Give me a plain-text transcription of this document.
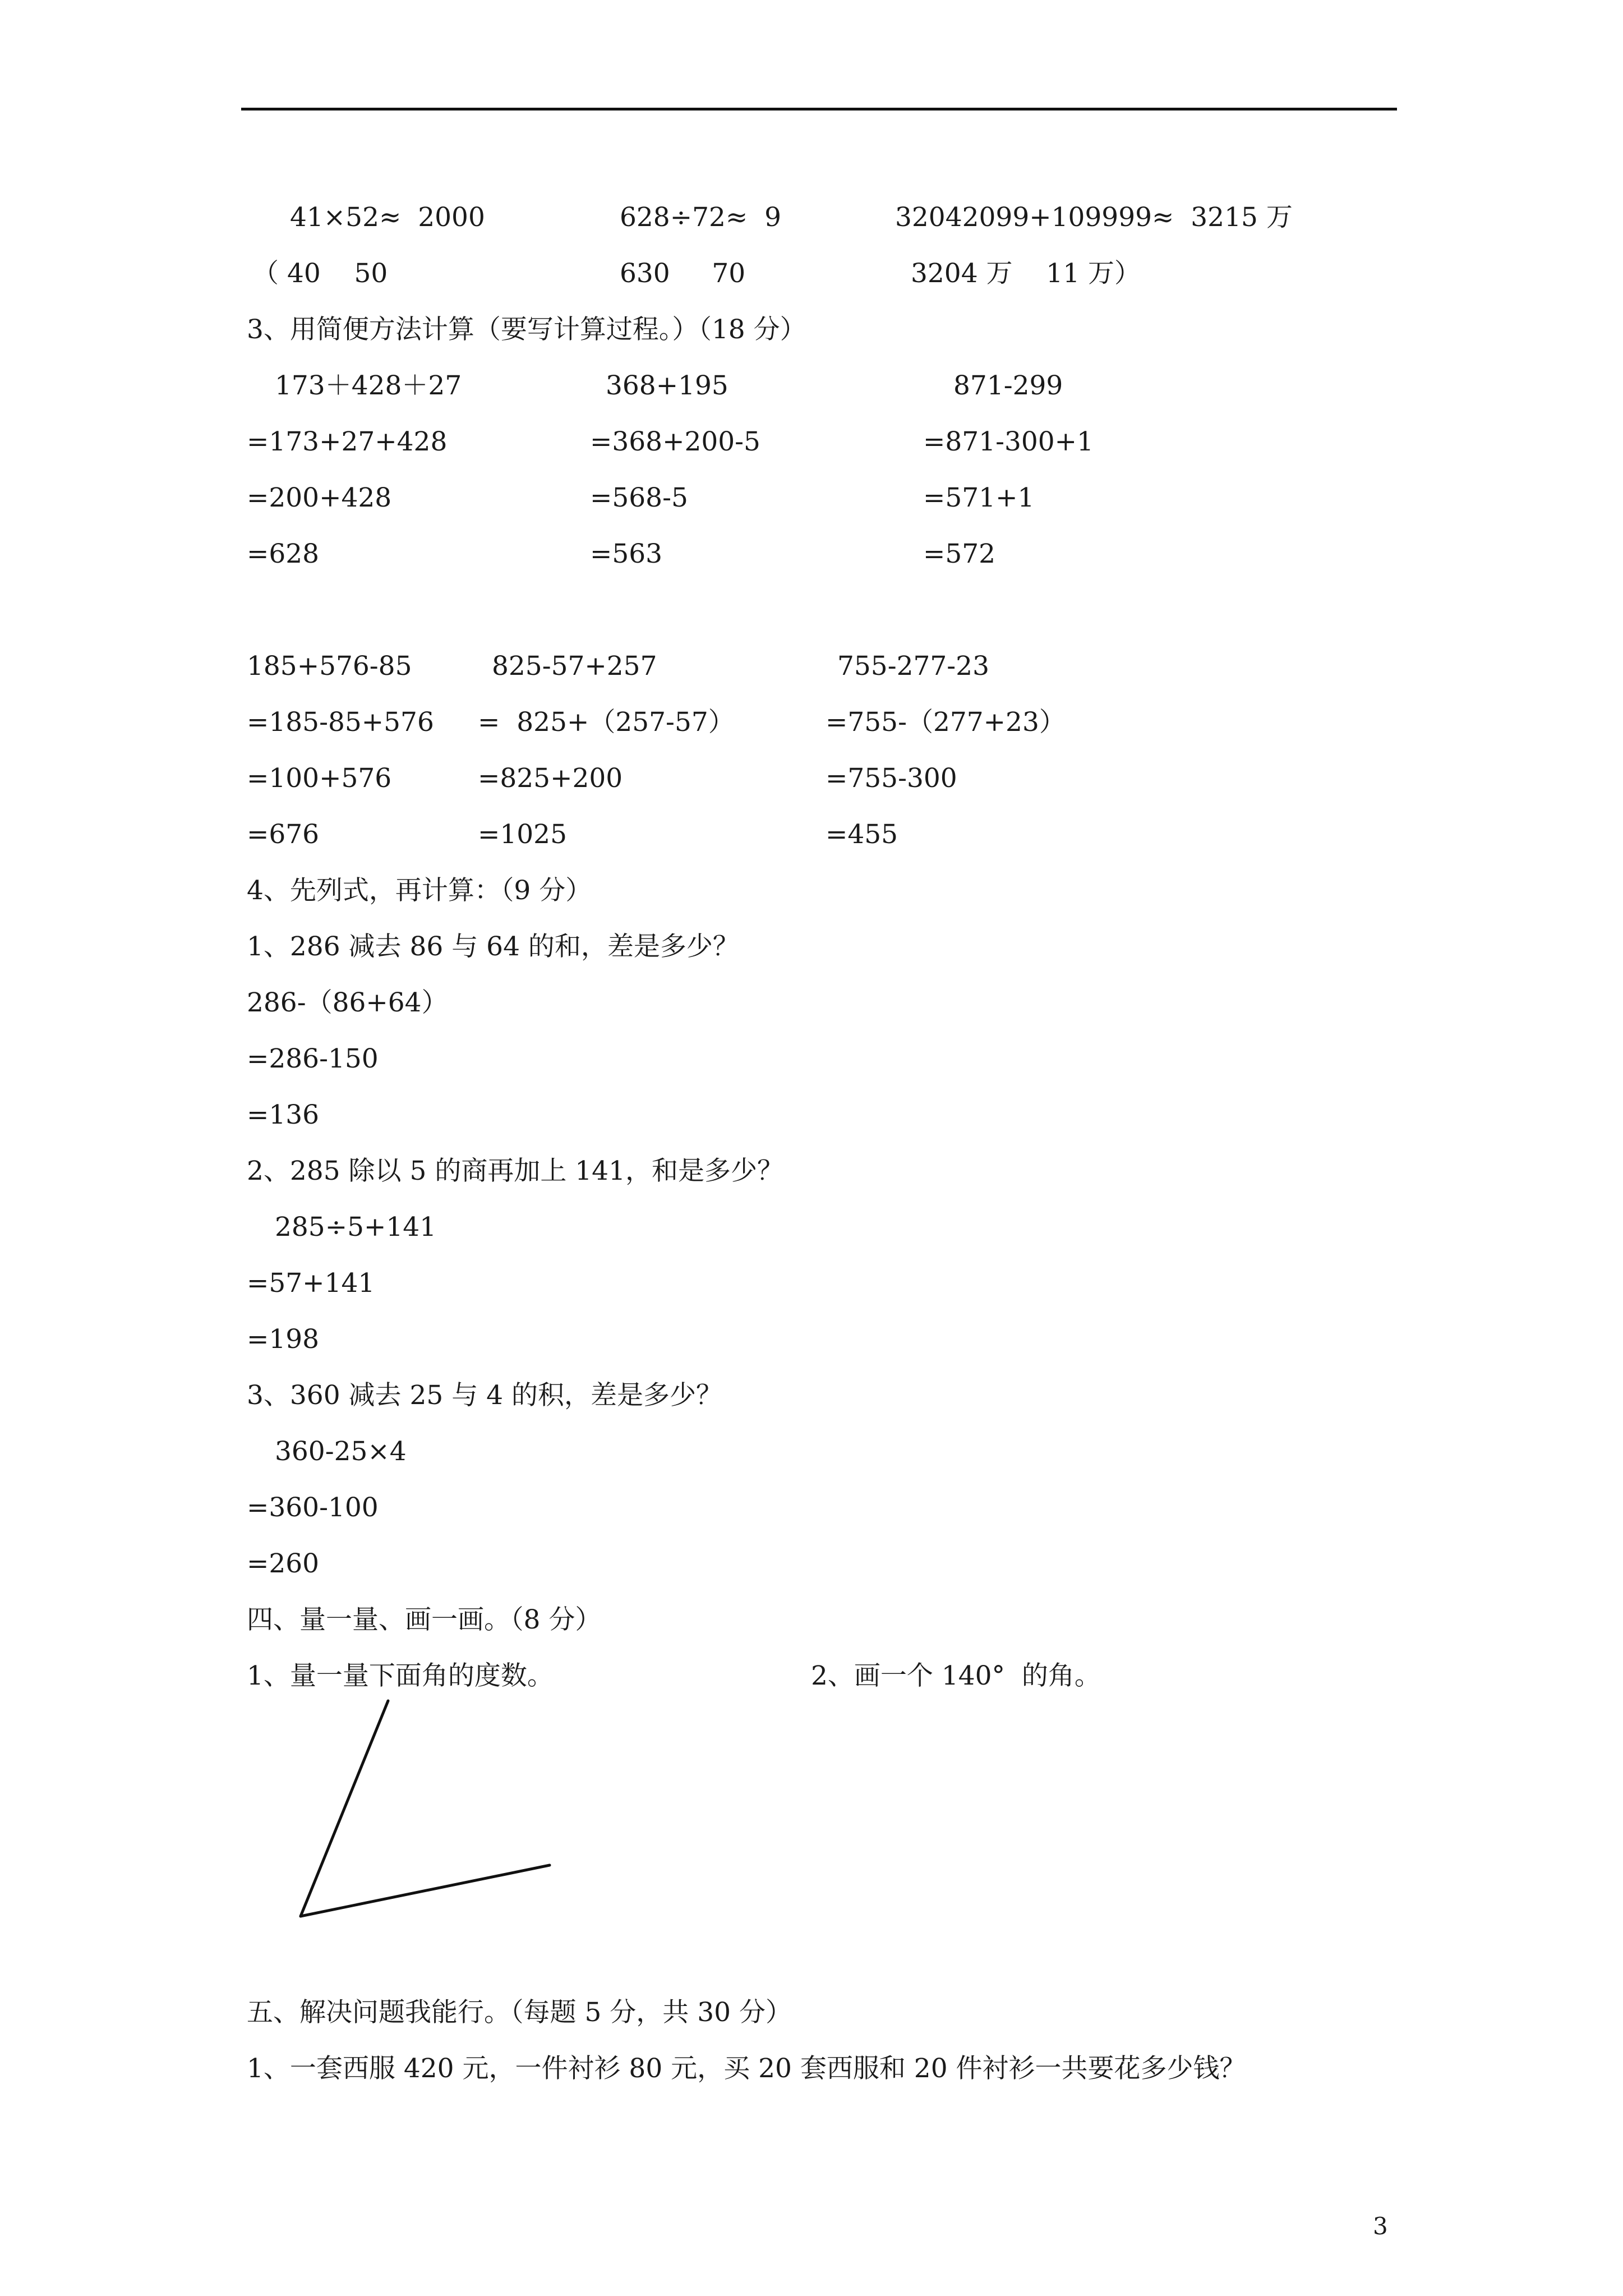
41×52≈  2000	628÷72≈  9	32042099+109999≈  3215 万
（ 40    50	630     70	3204 万    11 万）
3、用简便方法计算（要写计算过程。）（18 分）
173＋428＋27	368+195	871-299
=173+27+428	=368+200-5	=871-300+1
=200+428	=568-5	=571+1
=628	=563	=572
185+576-85	825-57+257	755-277-23
=185-85+576 =  825+（257-57）	=755-（277+23）
=100+576	=825+200	=755-300
=676	=1025	=455
4、先列式，再计算：（9 分）
1、286 减去 86 与 64 的和，差是多少？
286-（86+64）
=286-150
=136
2、285 除以 5 的商再加上 141，和是多少？
285÷5+141
=57+141
=198
3、360 减去 25 与 4 的积，差是多少？
360-25×4
=360-100
=260
四、量一量、画一画。（8 分）
1、量一量下面角的度数。	2、画一个 140°  的角。
五、解决问题我能行。（每题 5 分，共 30 分）
1、一套西服 420 元，一件衬衫 80 元，买 20 套西服和 20 件衬衫一共要花多少钱？
3
